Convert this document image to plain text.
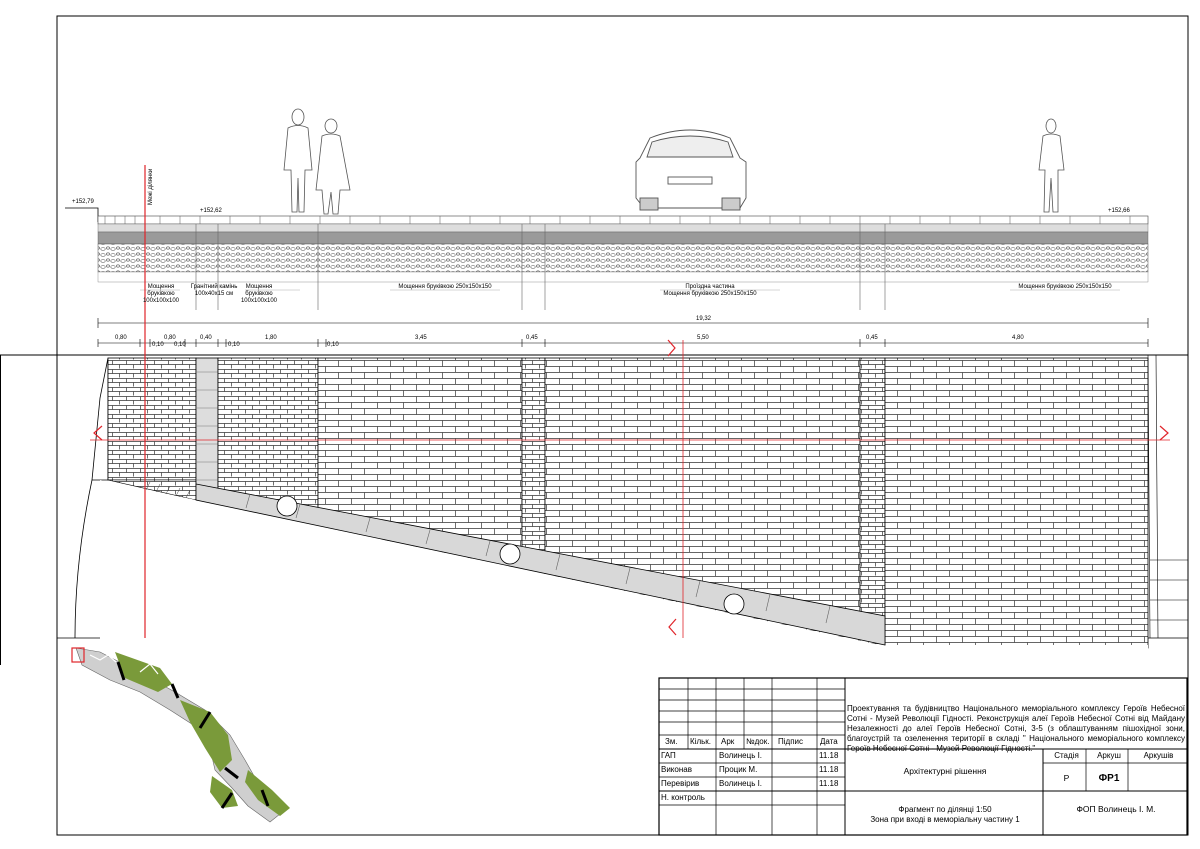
+152,79
+152,62	+152,66
Межі ділянки
Мощення
бруківкою
100х100х100
Гранітний камінь
100х40х15 см
Мощення
бруківкою
100х100х100
Мощення бруківкою 250х150х150	Проїздна частина
Мощення бруківкою 250х150х150
Мощення бруківкою 250х150х150
19,32
0,80
0,10
0,80
0,10
0,40
0,10
1,80
0,10
3,45	0,45	5,50	0,45	4,80
Зм. Кільк. Арк №док. Підпис Дата
ГАП	Волинець І.	11.18
Виконав	Процик М.	11.18
Перевірив Волинець І.	11.18
Н. контроль
Проектування та будівництво Національного меморіального комплексу Героїв Небесної Сотні - Музей Революції Гідності. Реконструкція алеї Героїв Небесної Сотні від Майдану Незалежності до алеї Героїв Небесної Сотні, 3-5 (з облаштуванням пішохідної зони, благоустрій та озеленення території в складі " Національного меморіального комплексу Героїв Небесної Сотні - Музей Революції Гідності."
Архітектурні рішення
Стадія	Аркуш	Аркушів
Р	ФР1
Фрагмент по ділянці 1:50
Зона при вході в меморіальну частину 1
ФОП Волинець І. М.
